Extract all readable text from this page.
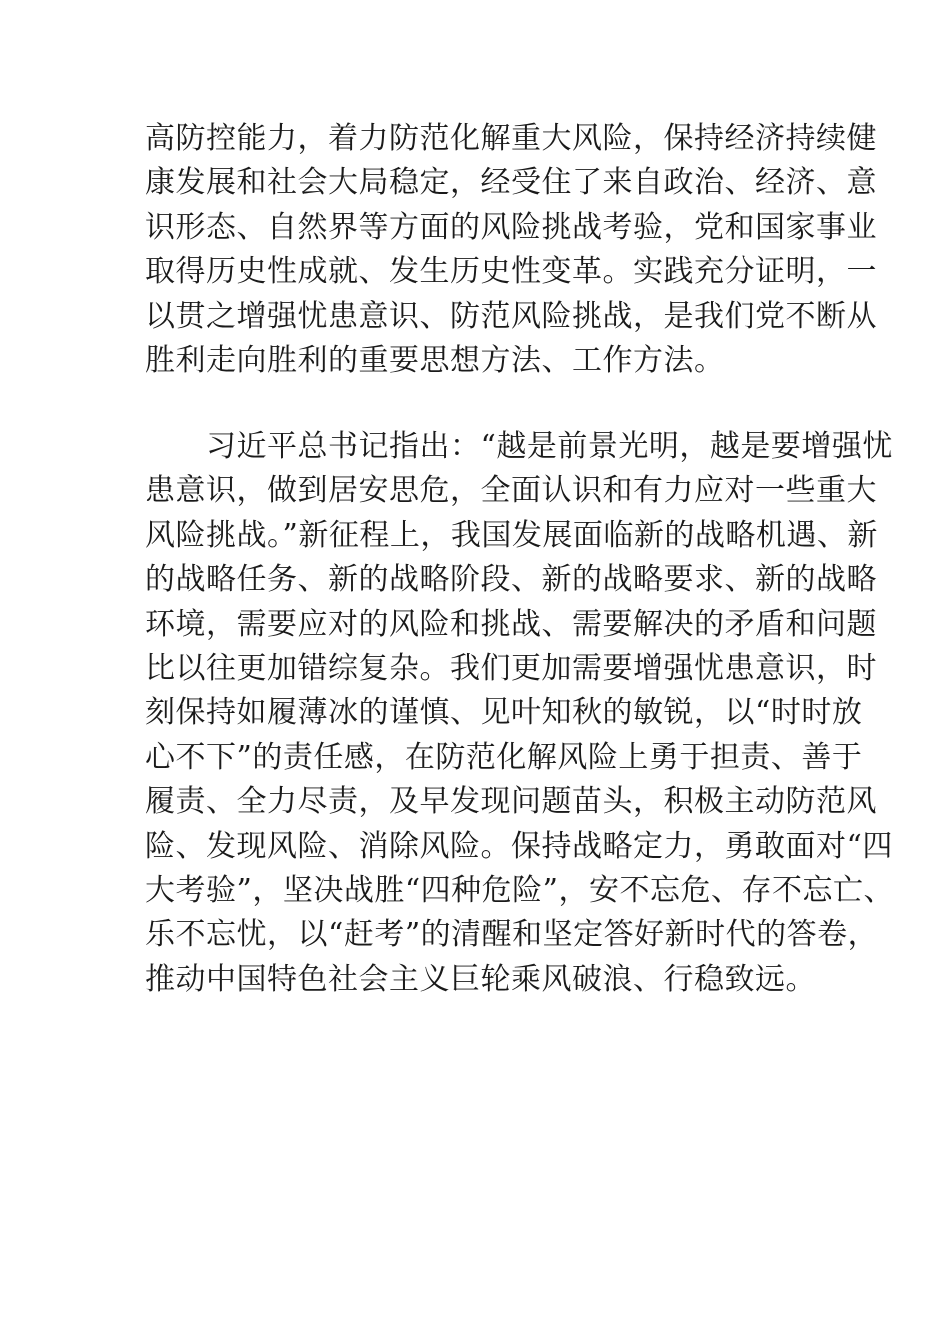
高防控能力，着力防范化解重大风险，保持经济持续健
康发展和社会大局稳定，经受住了来自政治、经济、意
识形态、自然界等方面的风险挑战考验，党和国家事业
取得历史性成就、发生历史性变革。实践充分证明，一
以贯之增强忧患意识、防范风险挑战，是我们党不断从
胜利走向胜利的重要思想方法、工作方法。
　　习近平总书记指出：“越是前景光明，越是要增强忧
患意识，做到居安思危，全面认识和有力应对一些重大
风险挑战。”新征程上，我国发展面临新的战略机遇、新
的战略任务、新的战略阶段、新的战略要求、新的战略
环境，需要应对的风险和挑战、需要解决的矛盾和问题
比以往更加错综复杂。我们更加需要增强忧患意识，时
刻保持如履薄冰的谨慎、见叶知秋的敏锐，以“时时放
心不下”的责任感，在防范化解风险上勇于担责、善于
履责、全力尽责，及早发现问题苗头，积极主动防范风
险、发现风险、消除风险。保持战略定力，勇敢面对“四
大考验”，坚决战胜“四种危险”，安不忘危、存不忘亡、
乐不忘忧，以“赶考”的清醒和坚定答好新时代的答卷，
推动中国特色社会主义巨轮乘风破浪、行稳致远。
